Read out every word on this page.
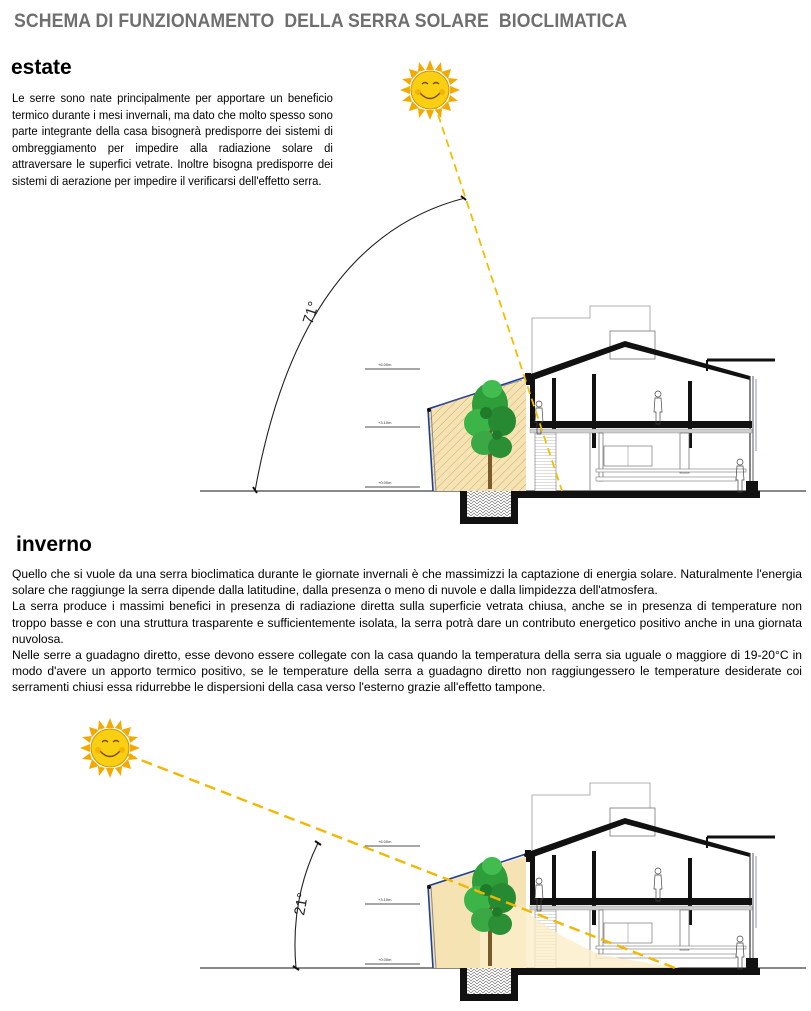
SCHEMA DI FUNZIONAMENTO  DELLA SERRA SOLARE  BIOCLIMATICA
estate
Le serre sono nate principalmente per apportare un beneficio termico durante i mesi invernali, ma dato che molto spesso sono parte integrante della casa bisognerà predisporre dei sistemi di ombreggiamento per impedire alla radiazione solare di attraversare le superfici vetrate. Inoltre bisogna predisporre dei sistemi di aerazione per impedire il verificarsi dell'effetto serra.
inverno

Quello che si vuole da una serra bioclimatica durante le giornate invernali è che massimizzi la captazione di energia solare. Naturalmente l'energia solare che raggiunge la serra dipende dalla latitudine, dalla presenza o meno di nuvole e dalla limpidezza dell'atmosfera.

La serra produce i massimi benefici in presenza di radiazione diretta sulla superficie vetrata chiusa, anche se in presenza di temperature non troppo basse e con una struttura trasparente e sufficientemente isolata, la serra potrà dare un contributo energetico positivo anche in una giornata nuvolosa.

Nelle serre a guadagno diretto, esse devono essere collegate con la casa quando la temperatura della serra sia uguale o maggiore di 19-20°C in modo d'avere un apporto termico positivo, se le temperature della serra a guadagno diretto non raggiungessero le temperature desiderate coi serramenti chiusi essa ridurrebbe le dispersioni della casa verso l'esterno grazie all'effetto tampone.

+6.00m
+3.10m
+0.00m
71°
+6.00m
+3.10m
+0.00m
21°
